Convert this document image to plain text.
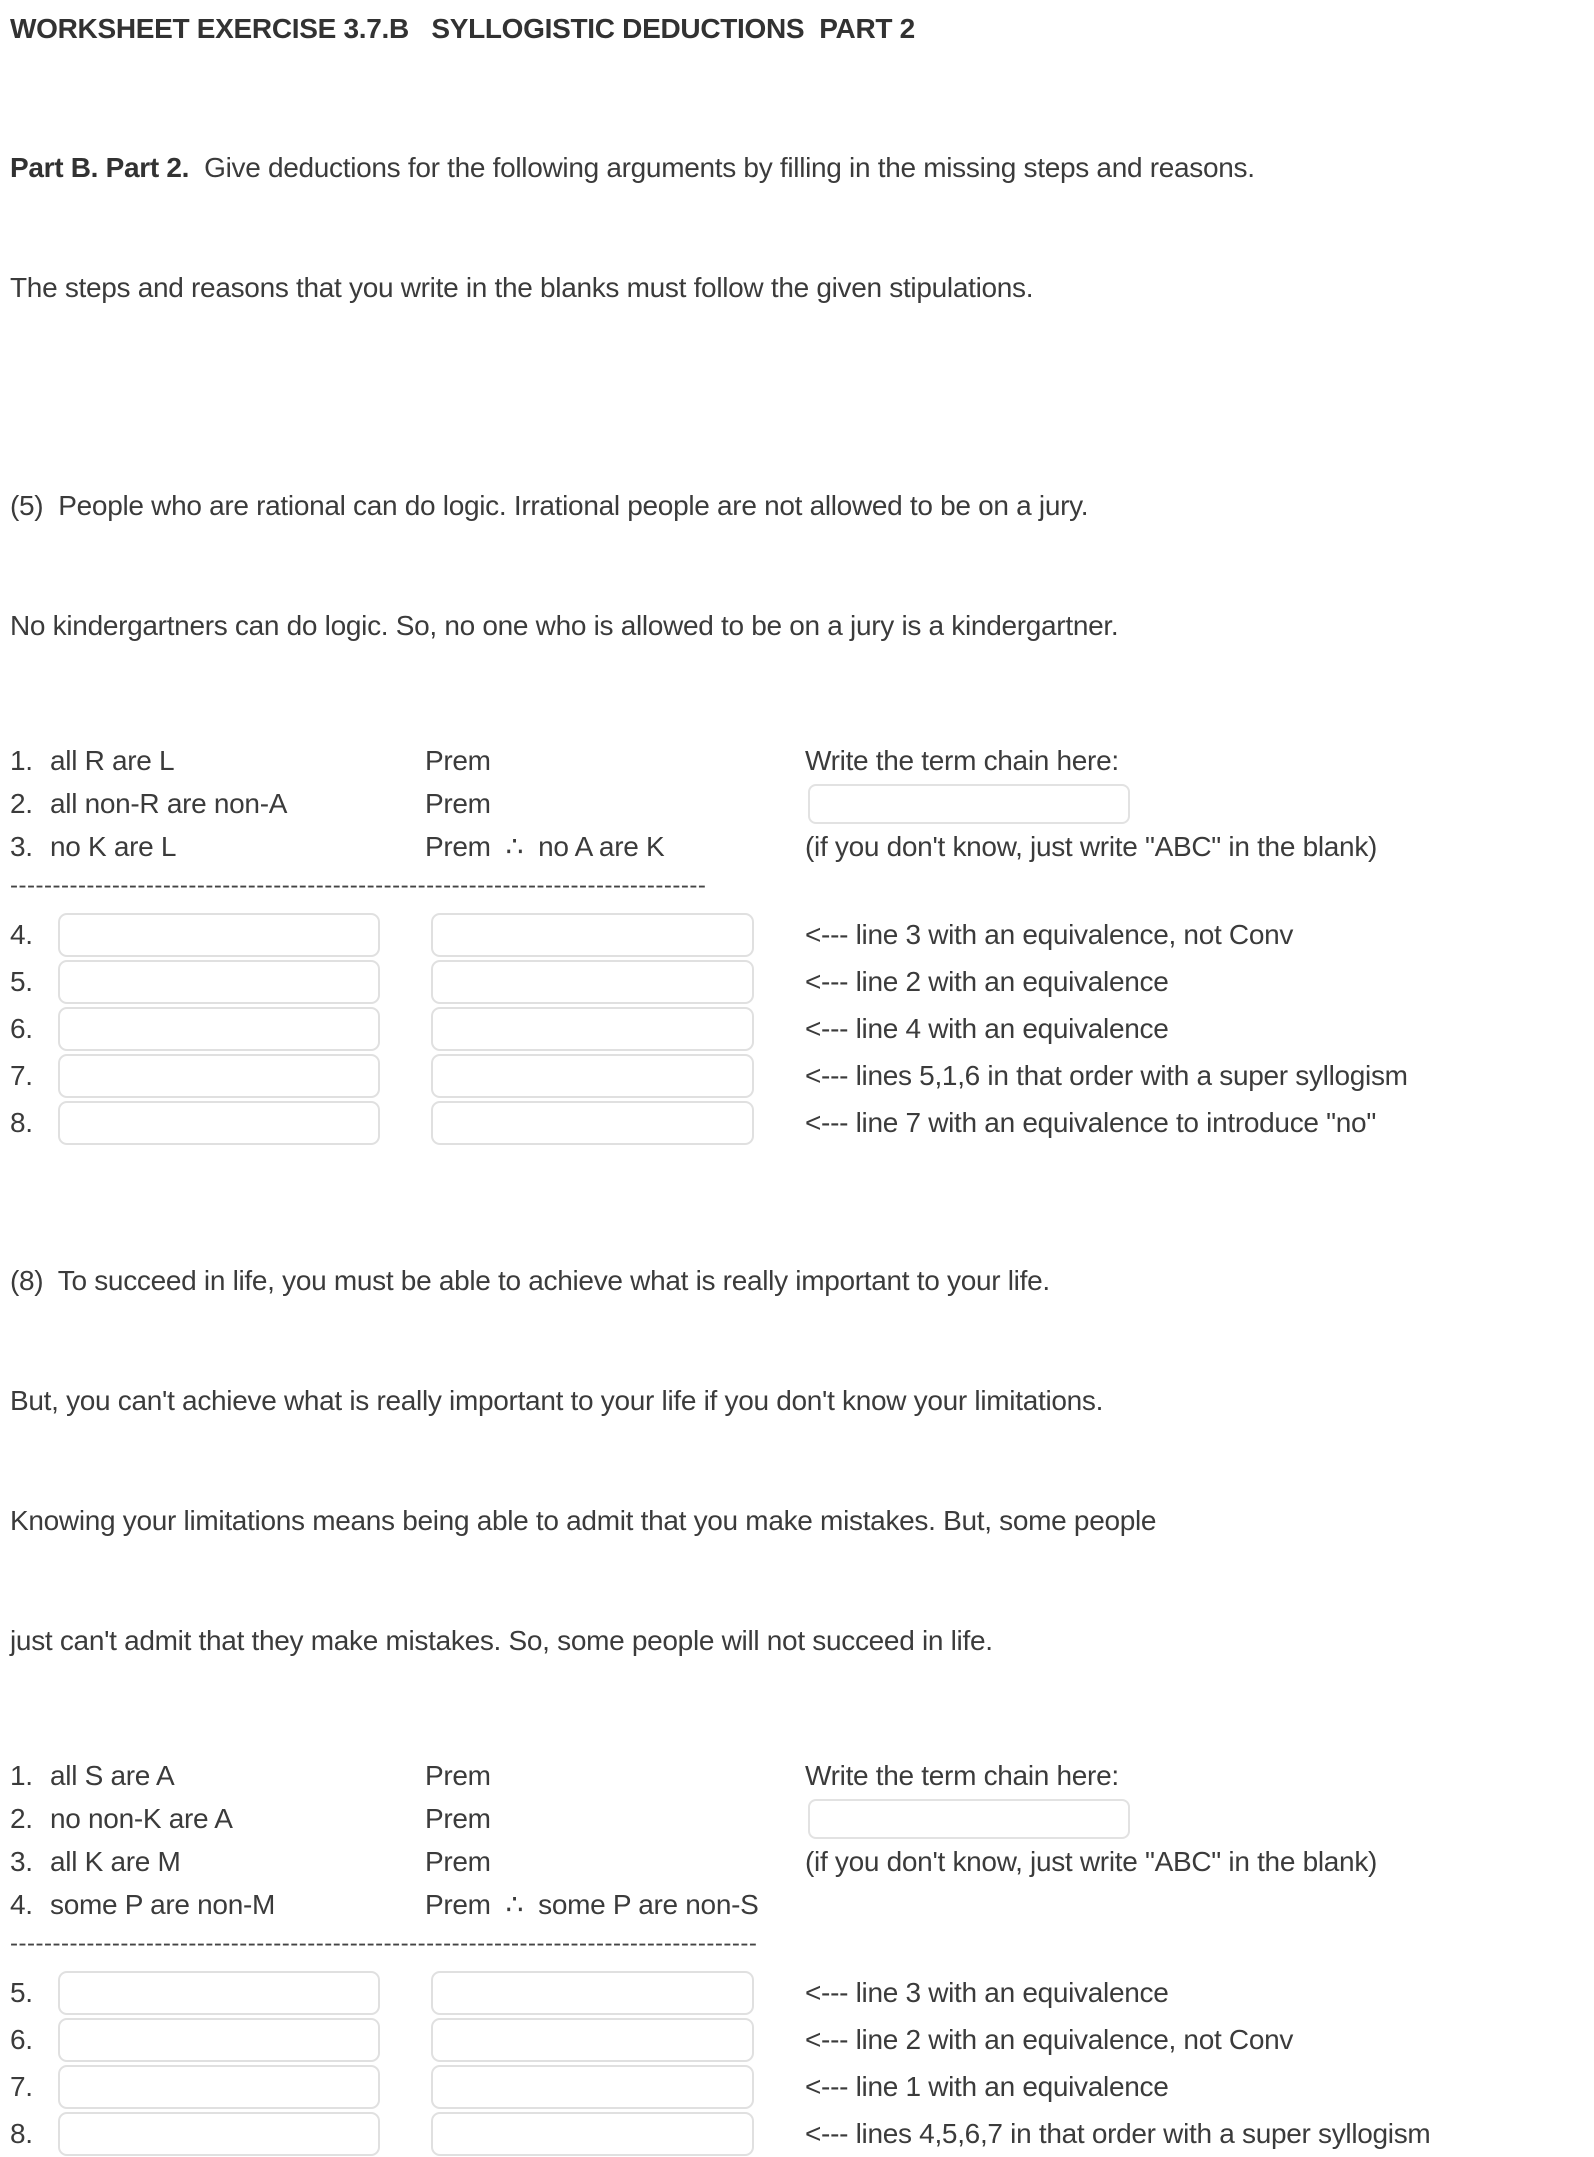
WORKSHEET EXERCISE 3.7.B   SYLLOGISTIC DEDUCTIONS  PART 2

Part B. Part 2.  Give deductions for the following arguments by filling in the missing steps and reasons.

The steps and reasons that you write in the blanks must follow the given stipulations.

(5)  People who are rational can do logic. Irrational people are not allowed to be on a jury.

No kindergartners can do logic. So, no one who is allowed to be on a jury is a kindergartner.

1. all R are L	Prem	Write the term chain here:
2. all non-R are non-A	Prem
3. no K are L	Prem  ∴  no A are K	(if you don't know, just write "ABC" in the blank)
----------------------------------------------------------------------------------
4.	<--- line 3 with an equivalence, not Conv
5.	<--- line 2 with an equivalence
6.	<--- line 4 with an equivalence
7.	<--- lines 5,1,6 in that order with a super syllogism
8.	<--- line 7 with an equivalence to introduce "no"

(8)  To succeed in life, you must be able to achieve what is really important to your life.

But, you can't achieve what is really important to your life if you don't know your limitations.

Knowing your limitations means being able to admit that you make mistakes. But, some people

just can't admit that they make mistakes. So, some people will not succeed in life.

1. all S are A	Prem	Write the term chain here:
2. no non-K are A	Prem
3. all K are M	Prem	(if you don't know, just write "ABC" in the blank)
4. some P are non-M	Prem  ∴  some P are non-S
----------------------------------------------------------------------------------------
5.	<--- line 3 with an equivalence
6.	<--- line 2 with an equivalence, not Conv
7.	<--- line 1 with an equivalence
8.	<--- lines 4,5,6,7 in that order with a super syllogism
